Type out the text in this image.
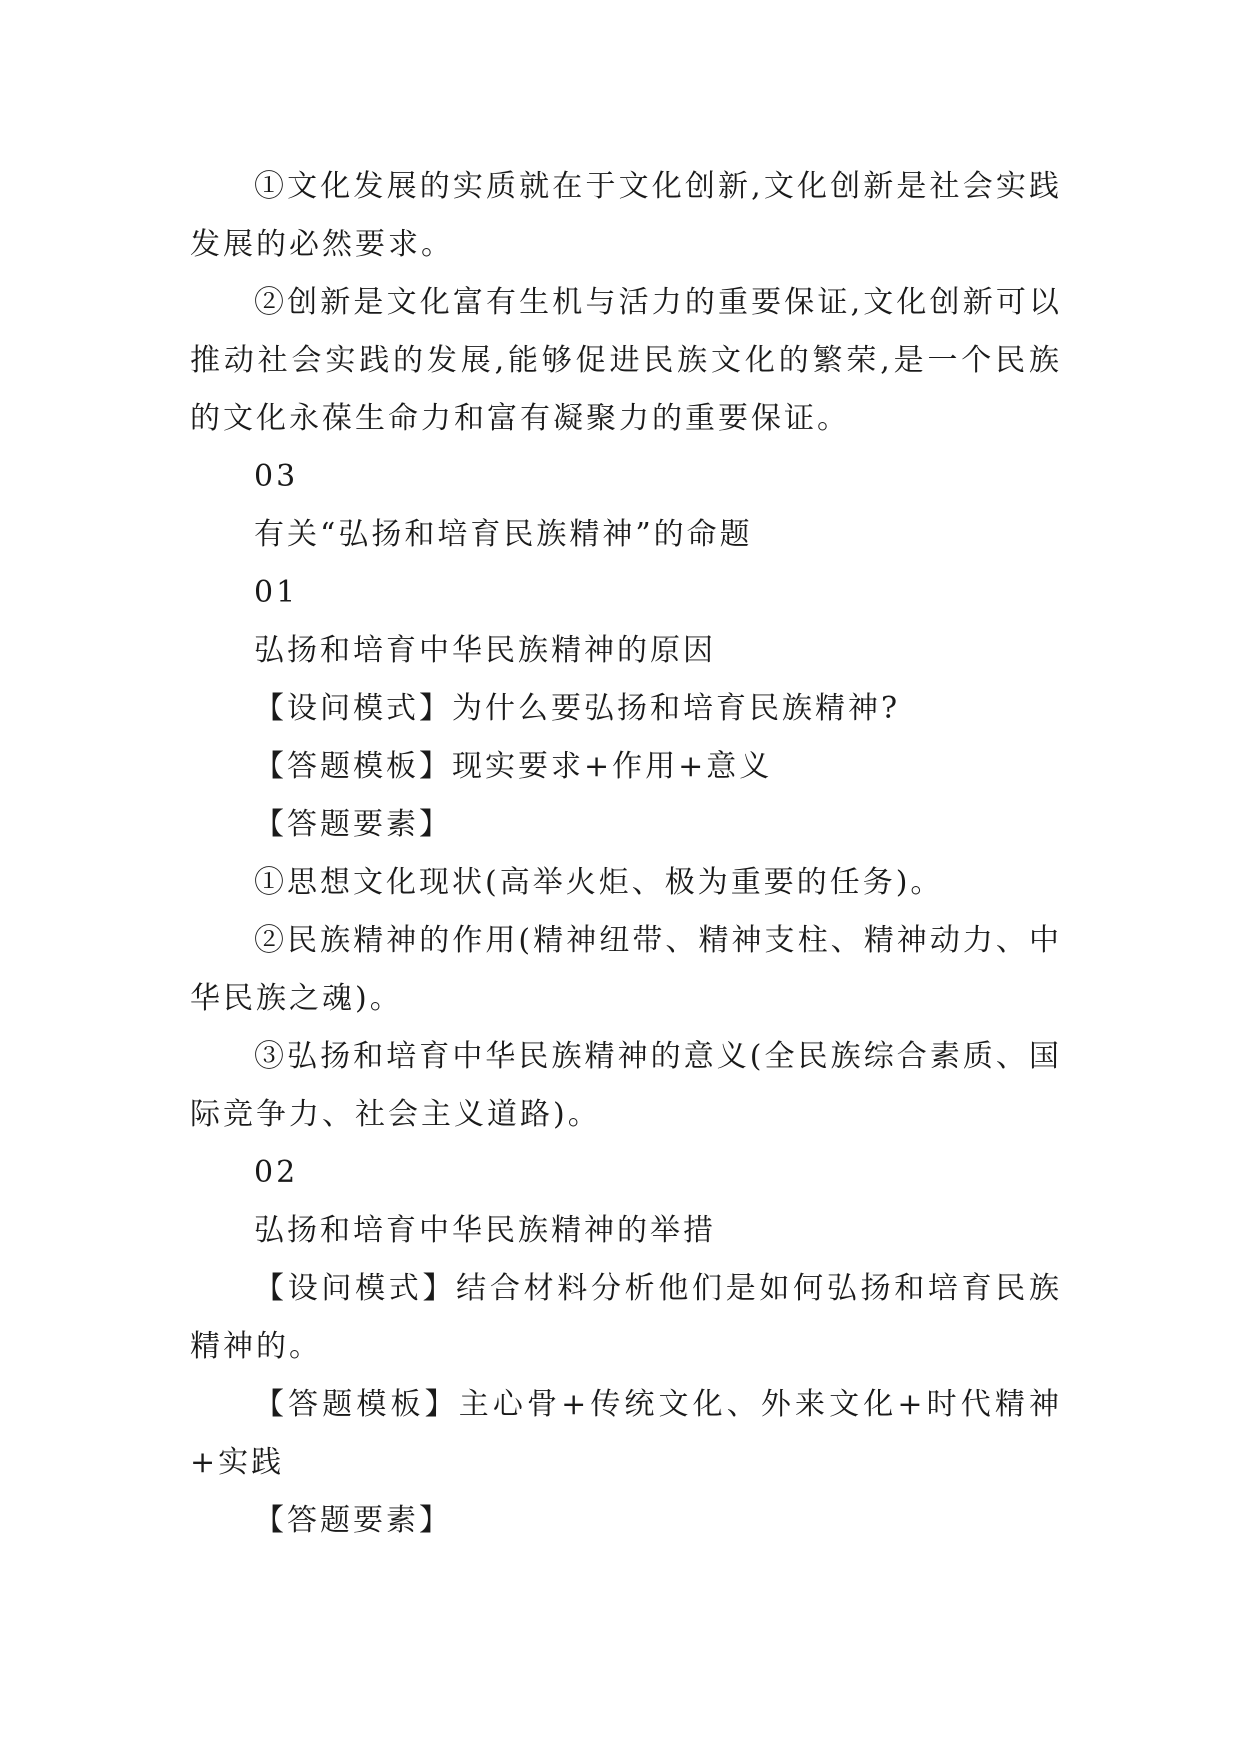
①文化发展的实质就在于文化创新,文化创新是社会实践发展的必然要求。

②创新是文化富有生机与活力的重要保证,文化创新可以推动社会实践的发展,能够促进民族文化的繁荣,是一个民族的文化永葆生命力和富有凝聚力的重要保证。

03

有关“弘扬和培育民族精神”的命题

01

弘扬和培育中华民族精神的原因

【设问模式】为什么要弘扬和培育民族精神?

【答题模板】现实要求+作用+意义

【答题要素】

①思想文化现状(高举火炬、极为重要的任务)。

②民族精神的作用(精神纽带、精神支柱、精神动力、中华民族之魂)。

③弘扬和培育中华民族精神的意义(全民族综合素质、国际竞争力、社会主义道路)。

02

弘扬和培育中华民族精神的举措

【设问模式】结合材料分析他们是如何弘扬和培育民族精神的。

【答题模板】主心骨+传统文化、外来文化+时代精神+实践

【答题要素】
